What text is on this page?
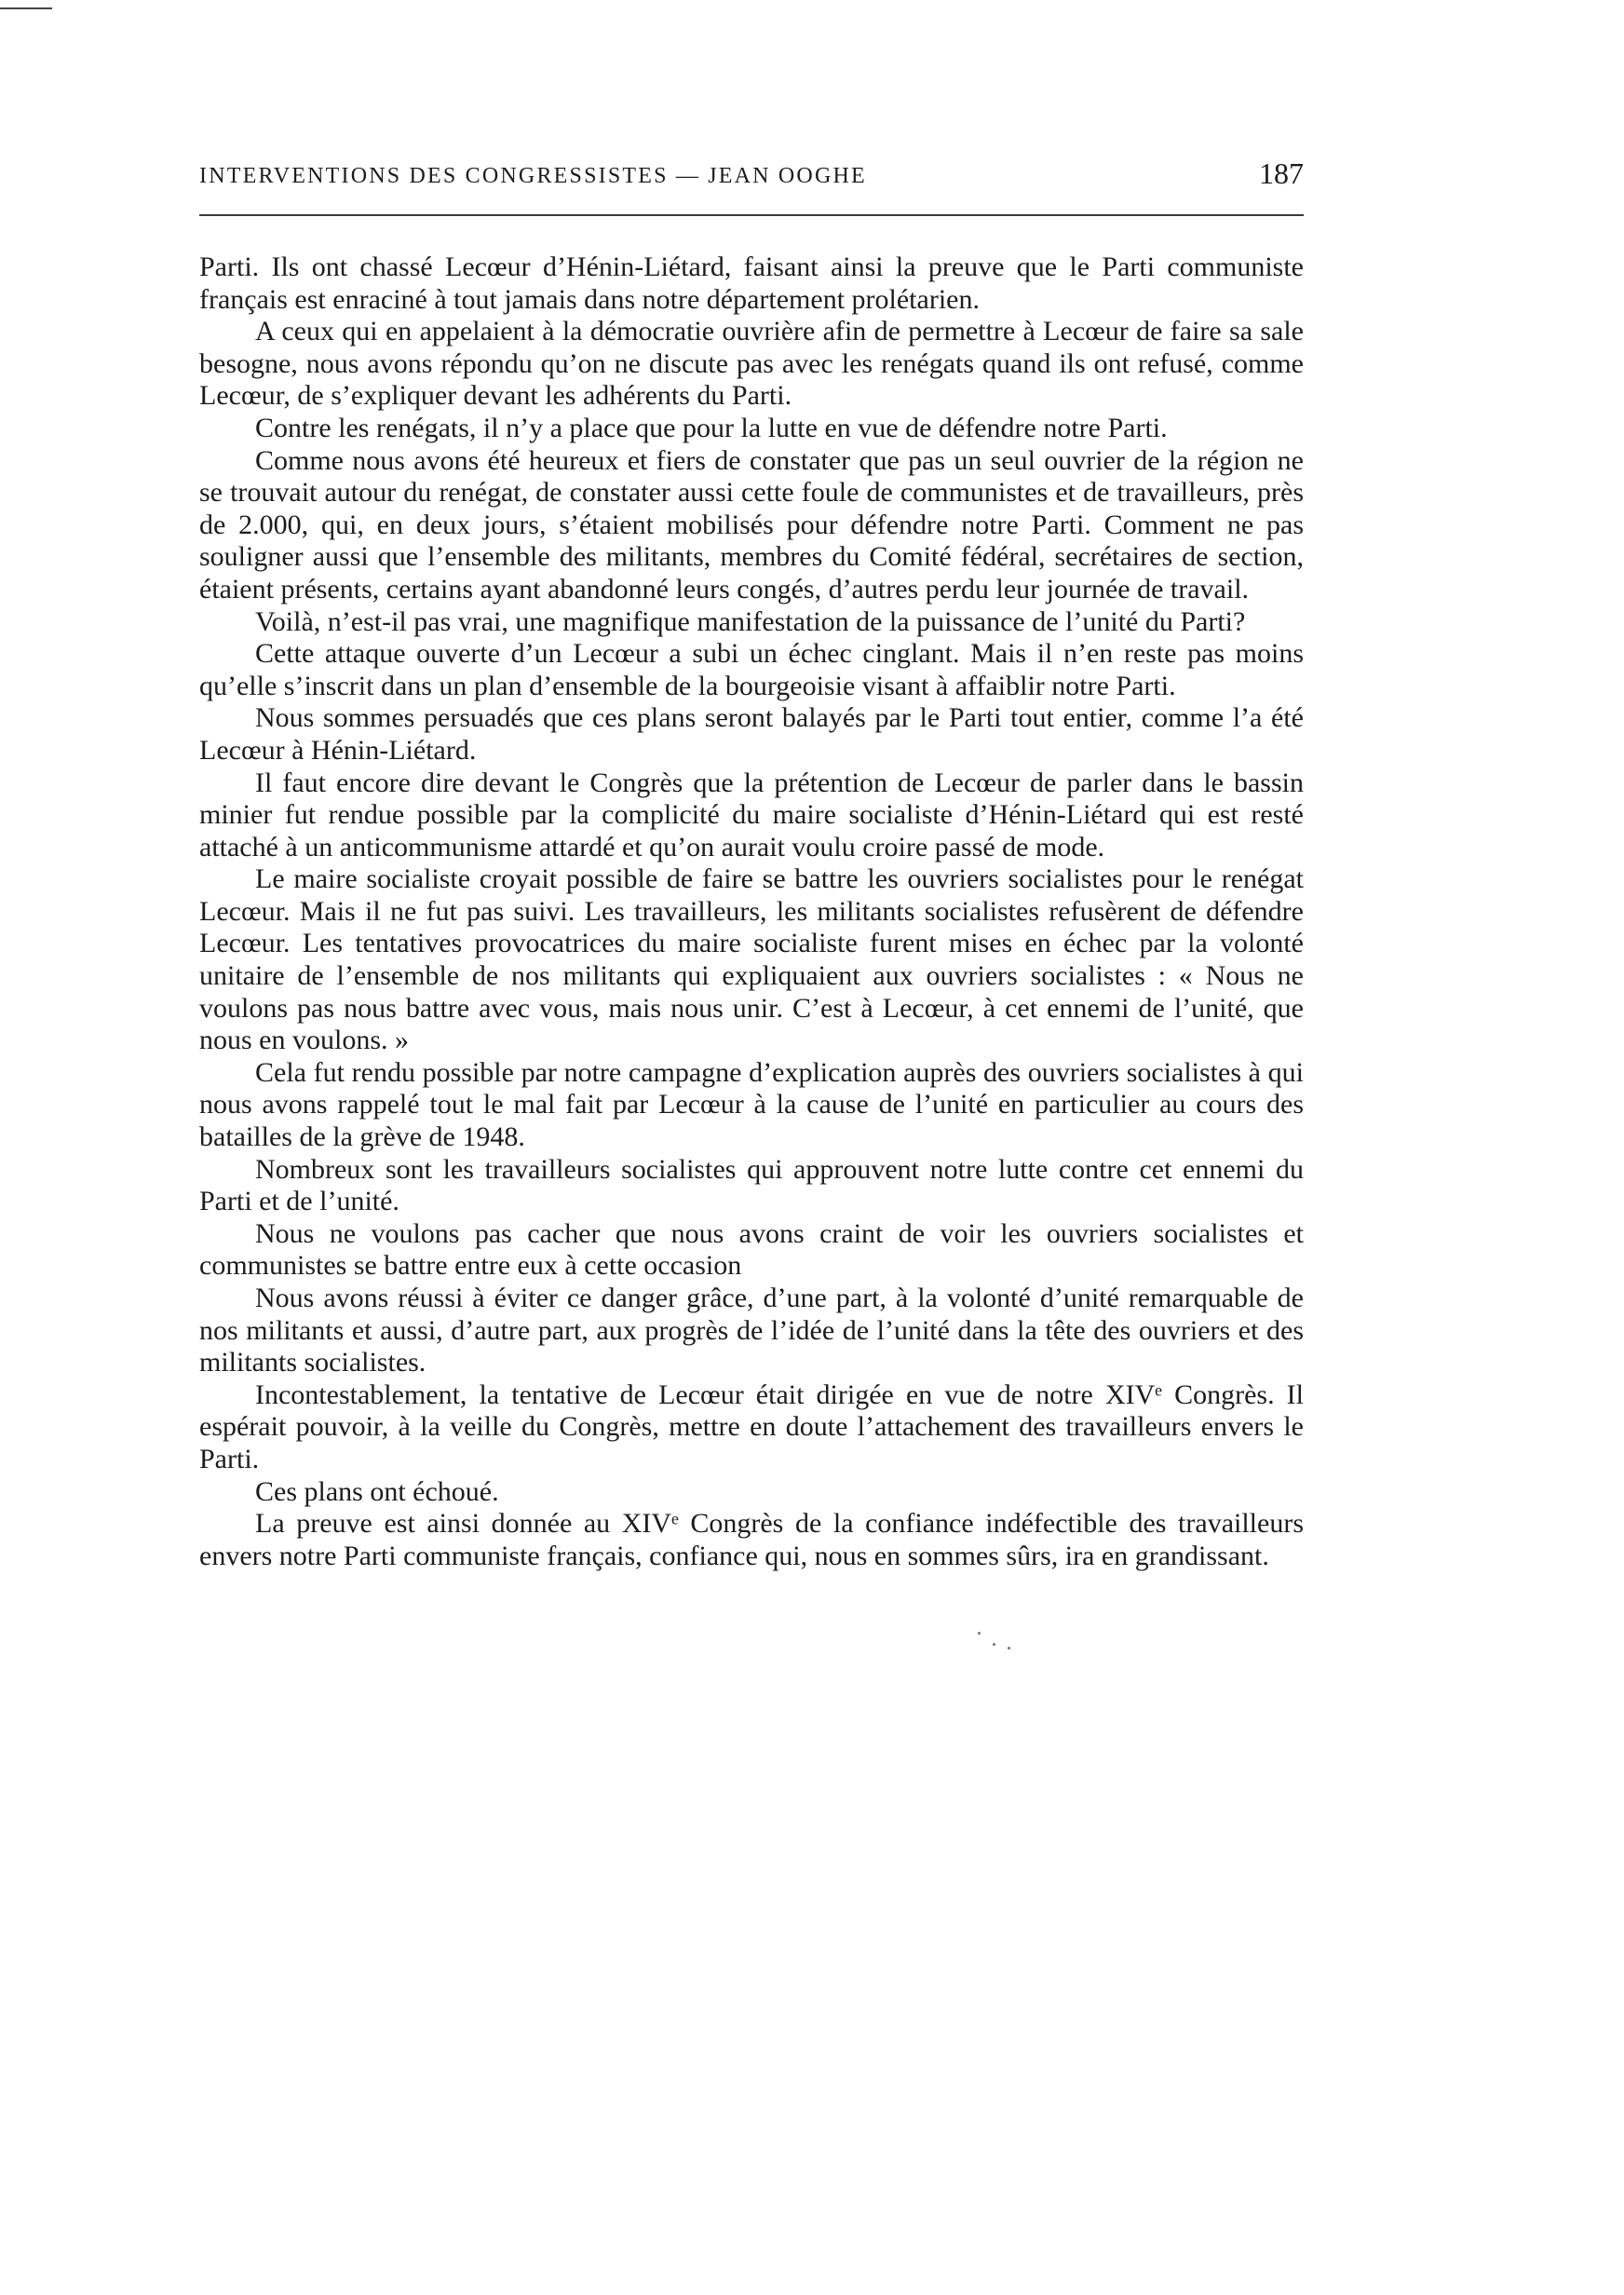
INTERVENTIONS DES CONGRESSISTES — JEAN OOGHE	187

Parti. Ils ont chassé Lecœur d’Hénin-Liétard, faisant ainsi la preuve que le Parti communiste français est enraciné à tout jamais dans notre département prolétarien.

A ceux qui en appelaient à la démocratie ouvrière afin de permettre à Lecœur de faire sa sale besogne, nous avons répondu qu’on ne discute pas avec les renégats quand ils ont refusé, comme Lecœur, de s’expliquer devant les adhérents du Parti.

Contre les renégats, il n’y a place que pour la lutte en vue de défendre notre Parti.

Comme nous avons été heureux et fiers de constater que pas un seul ouvrier de la région ne se trouvait autour du renégat, de constater aussi cette foule de communistes et de travailleurs, près de 2.000, qui, en deux jours, s’étaient mobilisés pour défendre notre Parti. Comment ne pas souligner aussi que l’ensemble des militants, membres du Comité fédéral, secrétaires de section, étaient présents, certains ayant abandonné leurs congés, d’autres perdu leur journée de travail.

Voilà, n’est-il pas vrai, une magnifique manifestation de la puissance de l’unité du Parti?

Cette attaque ouverte d’un Lecœur a subi un échec cinglant. Mais il n’en reste pas moins qu’elle s’inscrit dans un plan d’ensemble de la bourgeoisie visant à affaiblir notre Parti.

Nous sommes persuadés que ces plans seront balayés par le Parti tout entier, comme l’a été Lecœur à Hénin-Liétard.

Il faut encore dire devant le Congrès que la prétention de Lecœur de parler dans le bassin minier fut rendue possible par la complicité du maire socialiste d’Hénin-Liétard qui est resté attaché à un anticommunisme attardé et qu’on aurait voulu croire passé de mode.

Le maire socialiste croyait possible de faire se battre les ouvriers socialistes pour le renégat Lecœur. Mais il ne fut pas suivi. Les travailleurs, les militants socialistes refusèrent de défendre Lecœur. Les tentatives provocatrices du maire socialiste furent mises en échec par la volonté unitaire de l’ensemble de nos militants qui expliquaient aux ouvriers socialistes : « Nous ne voulons pas nous battre avec vous, mais nous unir. C’est à Lecœur, à cet ennemi de l’unité, que nous en voulons. »

Cela fut rendu possible par notre campagne d’explication auprès des ouvriers socialistes à qui nous avons rappelé tout le mal fait par Lecœur à la cause de l’unité en particulier au cours des batailles de la grève de 1948.

Nombreux sont les travailleurs socialistes qui approuvent notre lutte contre cet ennemi du Parti et de l’unité.

Nous ne voulons pas cacher que nous avons craint de voir les ouvriers socialistes et communistes se battre entre eux à cette occasion

Nous avons réussi à éviter ce danger grâce, d’une part, à la volonté d’unité remarquable de nos militants et aussi, d’autre part, aux progrès de l’idée de l’unité dans la tête des ouvriers et des militants socialistes.

Incontestablement, la tentative de Lecœur était dirigée en vue de notre XIVᵉ Congrès. Il espérait pouvoir, à la veille du Congrès, mettre en doute l’attachement des travailleurs envers le Parti.

Ces plans ont échoué.

La preuve est ainsi donnée au XIVᵉ Congrès de la confiance indéfectible des travailleurs envers notre Parti communiste français, confiance qui, nous en sommes sûrs, ira en grandissant.
